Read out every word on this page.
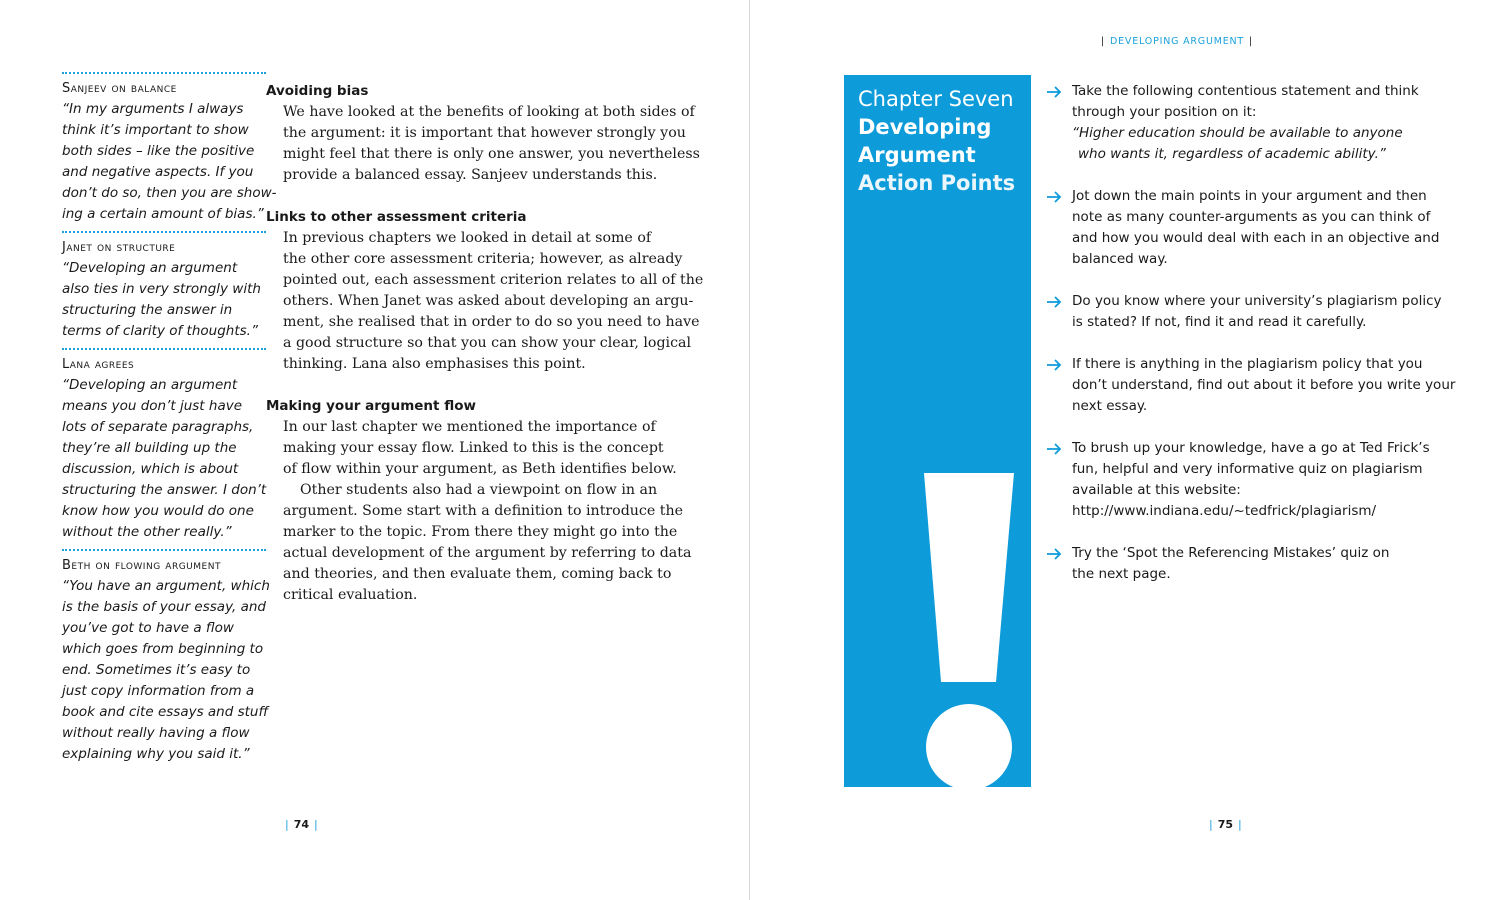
Sanjeev on balance
“In my arguments I always
think it’s important to show
both sides – like the positive
and negative aspects. If you
don’t do so, then you are show-
ing a certain amount of bias.”
Janet on structure
“Developing an argument
also ties in very strongly with
structuring the answer in
terms of clarity of thoughts.”
Lana agrees
“Developing an argument
means you don’t just have
lots of separate paragraphs,
they’re all building up the
discussion, which is about
structuring the answer. I don’t
know how you would do one
without the other really.”
Beth on flowing argument
“You have an argument, which
is the basis of your essay, and
you’ve got to have a flow
which goes from beginning to
end. Sometimes it’s easy to
just copy information from a
book and cite essays and stuff
without really having a flow
explaining why you said it.”
Avoiding bias
We have looked at the benefits of looking at both sides of
the argument: it is important that however strongly you
might feel that there is only one answer, you nevertheless
provide a balanced essay. Sanjeev understands this.
Links to other assessment criteria
In previous chapters we looked in detail at some of
the other core assessment criteria; however, as already
pointed out, each assessment criterion relates to all of the
others. When Janet was asked about developing an argu-
ment, she realised that in order to do so you need to have
a good structure so that you can show your clear, logical
thinking. Lana also emphasises this point.
Making your argument flow
In our last chapter we mentioned the importance of
making your essay flow. Linked to this is the concept
of flow within your argument, as Beth identifies below.
Other students also had a viewpoint on flow in an
argument. Some start with a definition to introduce the
marker to the topic. From there they might go into the
actual development of the argument by referring to data
and theories, and then evaluate them, coming back to
critical evaluation.
| 74 |
| DEVELOPING ARGUMENT |
Chapter Seven
Developing
Argument
Action Points
Take the following contentious statement and think
through your position on it:
“Higher education should be available to anyone
who wants it, regardless of academic ability.”
Jot down the main points in your argument and then
note as many counter-arguments as you can think of
and how you would deal with each in an objective and
balanced way.
Do you know where your university’s plagiarism policy
is stated? If not, find it and read it carefully.
If there is anything in the plagiarism policy that you
don’t understand, find out about it before you write your
next essay.
To brush up your knowledge, have a go at Ted Frick’s
fun, helpful and very informative quiz on plagiarism
available at this website:
http://www.indiana.edu/~tedfrick/plagiarism/
Try the ‘Spot the Referencing Mistakes’ quiz on
the next page.
| 75 |
